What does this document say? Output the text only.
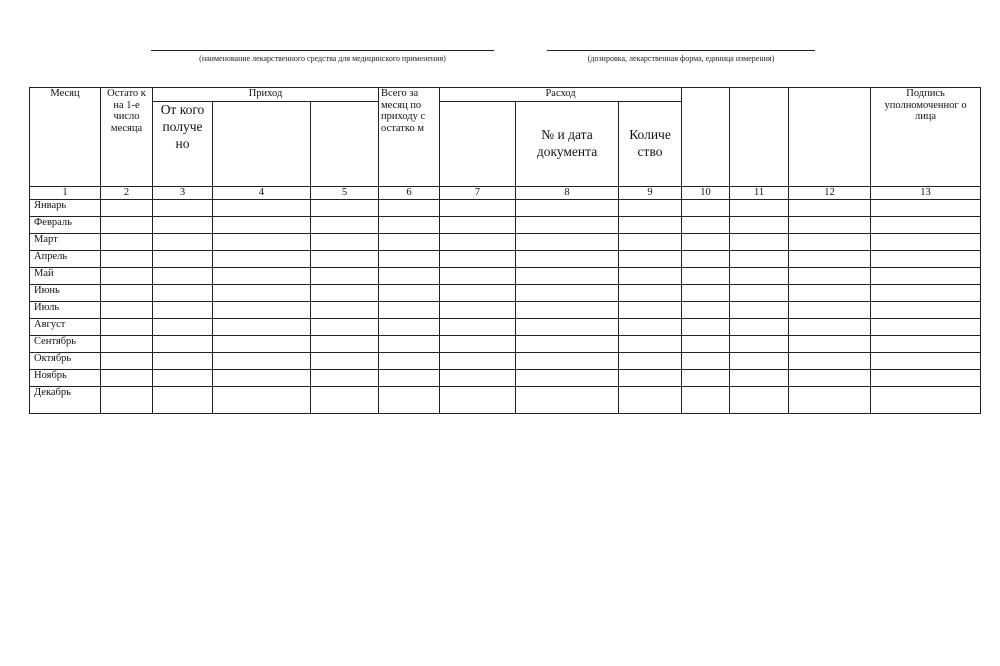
(наименование лекарственного средства для медицинского применения)	(дозировка, лекарственная форма, единица измерения)
Месяц	Остато к на 1-е число месяца	Приход			Всего за месяц по приходу с остатко м	Расход						Подпись уполномоченног о лица
		От кого получе но					№ и дата документа	Количе ство				
1	2	3	4	5	6	7	8	9	10	11	12	13
Январь												
Февраль												
Март												
Апрель												
Май												
Июнь												
Июль												
Август												
Сентябрь												
Октябрь												
Ноябрь												
Декабрь												
